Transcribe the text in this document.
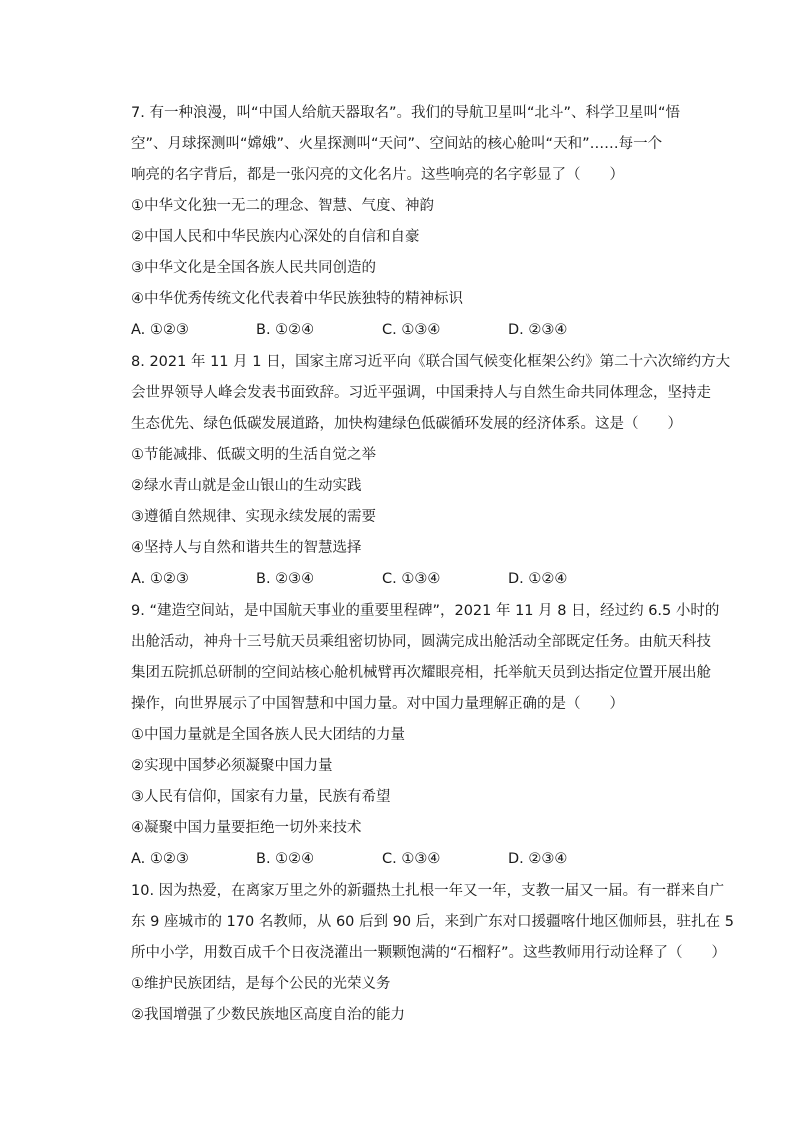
7. 有一种浪漫，叫“中国人给航天器取名”。我们的导航卫星叫“北斗”、科学卫星叫“悟
空”、月球探测叫“嫦娥”、火星探测叫“天问”、空间站的核心舱叫“天和”……每一个
响亮的名字背后，都是一张闪亮的文化名片。这些响亮的名字彰显了（　　）
①中华文化独一无二的理念、智慧、气度、神韵
②中国人民和中华民族内心深处的自信和自豪
③中华文化是全国各族人民共同创造的
④中华优秀传统文化代表着中华民族独特的精神标识
A. ①②③	B. ①②④	C. ①③④	D. ②③④
8. 2021 年 11 月 1 日，国家主席习近平向《联合国气候变化框架公约》第二十六次缔约方大
会世界领导人峰会发表书面致辞。习近平强调，中国秉持人与自然生命共同体理念，坚持走
生态优先、绿色低碳发展道路，加快构建绿色低碳循环发展的经济体系。这是（　　）
①节能减排、低碳文明的生活自觉之举
②绿水青山就是金山银山的生动实践
③遵循自然规律、实现永续发展的需要
④坚持人与自然和谐共生的智慧选择
A. ①②③	B. ②③④	C. ①③④	D. ①②④
9. “建造空间站，是中国航天事业的重要里程碑”，2021 年 11 月 8 日，经过约 6.5 小时的
出舱活动，神舟十三号航天员乘组密切协同，圆满完成出舱活动全部既定任务。由航天科技
集团五院抓总研制的空间站核心舱机械臂再次耀眼亮相，托举航天员到达指定位置开展出舱
操作，向世界展示了中国智慧和中国力量。对中国力量理解正确的是（　　）
①中国力量就是全国各族人民大团结的力量
②实现中国梦必须凝聚中国力量
③人民有信仰，国家有力量，民族有希望
④凝聚中国力量要拒绝一切外来技术
A. ①②③	B. ①②④	C. ①③④	D. ②③④
10. 因为热爱，在离家万里之外的新疆热土扎根一年又一年，支教一届又一届。有一群来自广
东 9 座城市的 170 名教师，从 60 后到 90 后，来到广东对口援疆喀什地区伽师县，驻扎在 5
所中小学，用数百成千个日夜浇灌出一颗颗饱满的“石榴籽”。这些教师用行动诠释了（　　）
①维护民族团结，是每个公民的光荣义务
②我国增强了少数民族地区高度自治的能力
